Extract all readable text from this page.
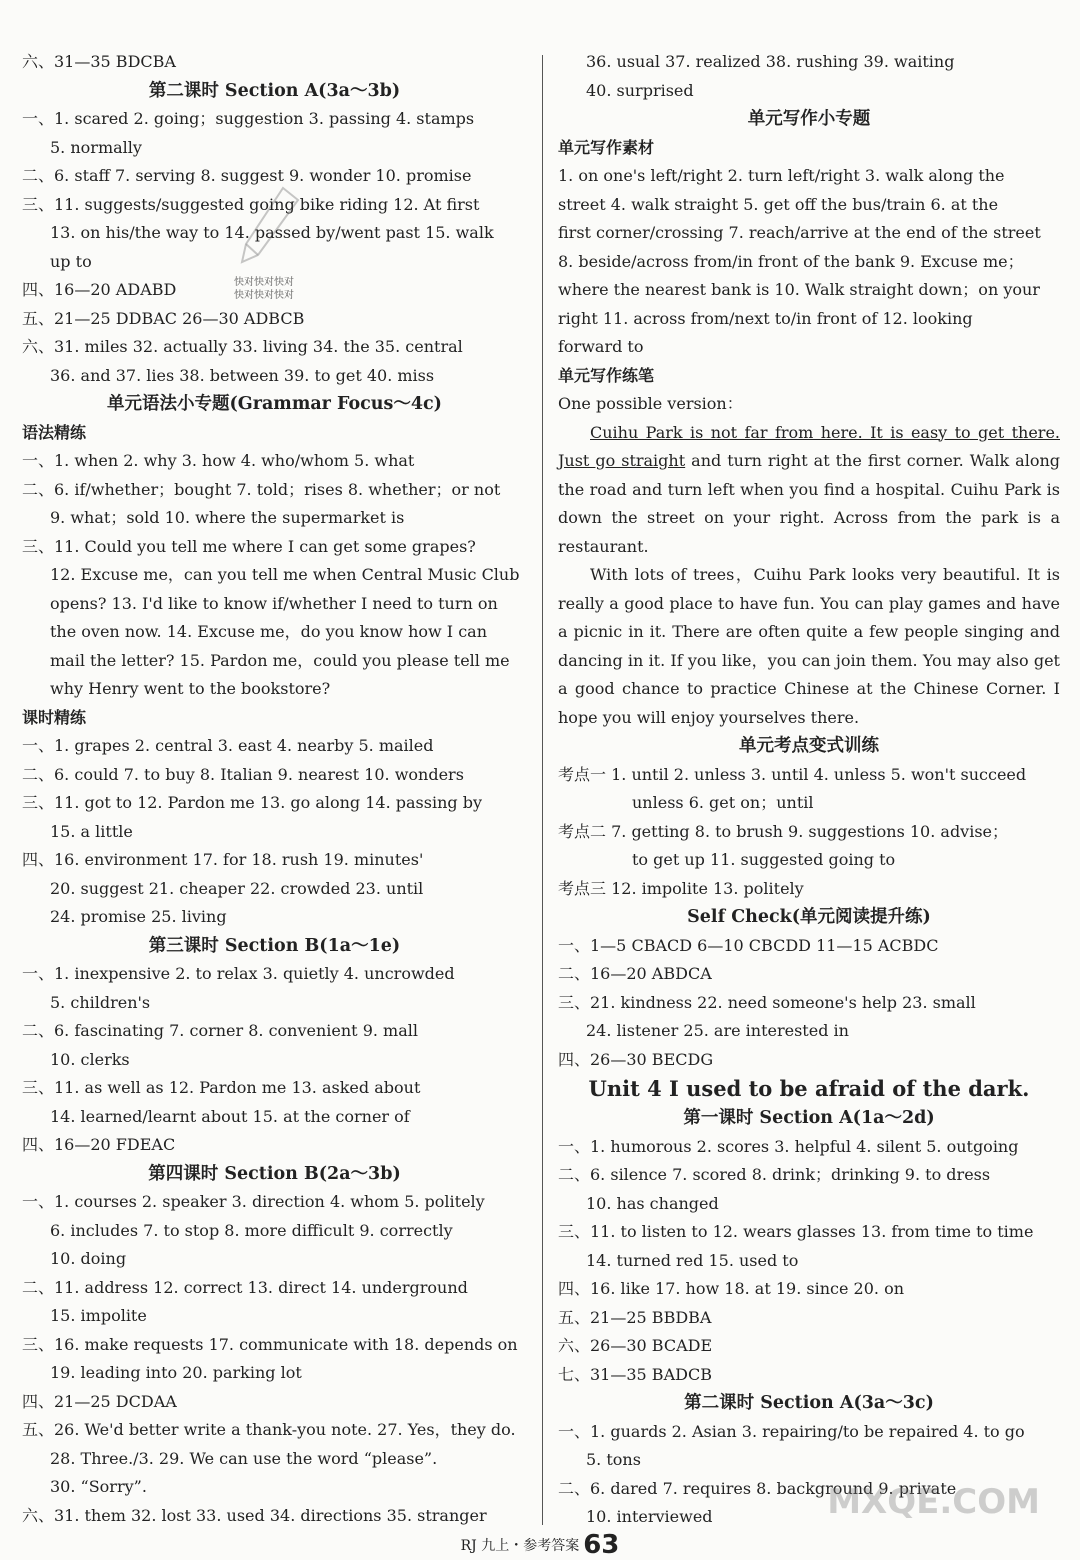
快对快对快对
快对快对快对
六、31—35 BDCBA
第二课时 Section A(3a～3b)
一、1. scared 2. going；suggestion 3. passing 4. stamps
5. normally
二、6. staff 7. serving 8. suggest 9. wonder 10. promise
三、11. suggests/suggested going bike riding 12. At first
13. on his/the way to 14. passed by/went past 15. walk
up to
四、16—20 ADABD
五、21—25 DDBAC 26—30 ADBCB
六、31. miles 32. actually 33. living 34. the 35. central
36. and 37. lies 38. between 39. to get 40. miss
单元语法小专题(Grammar Focus～4c)
语法精练
一、1. when 2. why 3. how 4. who/whom 5. what
二、6. if/whether；bought 7. told；rises 8. whether；or not
9. what；sold 10. where the supermarket is
三、11. Could you tell me where I can get some grapes?
12. Excuse me，can you tell me when Central Music Club
opens? 13. I'd like to know if/whether I need to turn on
the oven now. 14. Excuse me，do you know how I can
mail the letter? 15. Pardon me，could you please tell me
why Henry went to the bookstore?
课时精练
一、1. grapes 2. central 3. east 4. nearby 5. mailed
二、6. could 7. to buy 8. Italian 9. nearest 10. wonders
三、11. got to 12. Pardon me 13. go along 14. passing by
15. a little
四、16. environment 17. for 18. rush 19. minutes'
20. suggest 21. cheaper 22. crowded 23. until
24. promise 25. living
第三课时 Section B(1a～1e)
一、1. inexpensive 2. to relax 3. quietly 4. uncrowded
5. children's
二、6. fascinating 7. corner 8. convenient 9. mall
10. clerks
三、11. as well as 12. Pardon me 13. asked about
14. learned/learnt about 15. at the corner of
四、16—20 FDEAC
第四课时 Section B(2a～3b)
一、1. courses 2. speaker 3. direction 4. whom 5. politely
6. includes 7. to stop 8. more difficult 9. correctly
10. doing
二、11. address 12. correct 13. direct 14. underground
15. impolite
三、16. make requests 17. communicate with 18. depends on
19. leading into 20. parking lot
四、21—25 DCDAA
五、26. We'd better write a thank-you note. 27. Yes，they do.
28. Three./3. 29. We can use the word “please”.
30. “Sorry”.
六、31. them 32. lost 33. used 34. directions 35. stranger
36. usual 37. realized 38. rushing 39. waiting
40. surprised
单元写作小专题
单元写作素材
1. on one's left/right 2. turn left/right 3. walk along the
street 4. walk straight 5. get off the bus/train 6. at the
first corner/crossing 7. reach/arrive at the end of the street
8. beside/across from/in front of the bank 9. Excuse me；
where the nearest bank is 10. Walk straight down；on your
right 11. across from/next to/in front of 12. looking
forward to
单元写作练笔
One possible version：
Cuihu Park is not far from here. It is easy to get there. Just go straight and turn right at the first corner. Walk along the road and turn left when you find a hospital. Cuihu Park is down the street on your right. Across from the park is a restaurant.
With lots of trees，Cuihu Park looks very beautiful. It is really a good place to have fun. You can play games and have a picnic in it. There are often quite a few people singing and dancing in it. If you like，you can join them. You may also get a good chance to practice Chinese at the Chinese Corner. I hope you will enjoy yourselves there.
单元考点变式训练
考点一 1. until 2. unless 3. until 4. unless 5. won't succeed
unless 6. get on；until
考点二 7. getting 8. to brush 9. suggestions 10. advise；
to get up 11. suggested going to
考点三 12. impolite 13. politely
Self Check(单元阅读提升练)
一、1—5 CBACD 6—10 CBCDD 11—15 ACBDC
二、16—20 ABDCA
三、21. kindness 22. need someone's help 23. small
24. listener 25. are interested in
四、26—30 BECDG
Unit 4 I used to be afraid of the dark.
第一课时 Section A(1a～2d)
一、1. humorous 2. scores 3. helpful 4. silent 5. outgoing
二、6. silence 7. scored 8. drink；drinking 9. to dress
10. has changed
三、11. to listen to 12. wears glasses 13. from time to time
14. turned red 15. used to
四、16. like 17. how 18. at 19. since 20. on
五、21—25 BBDBA
六、26—30 BCADE
七、31—35 BADCB
第二课时 Section A(3a～3c)
一、1. guards 2. Asian 3. repairing/to be repaired 4. to go
5. tons
二、6. dared 7. requires 8. background 9. private
10. interviewed
RJ 九上・参考答案 63
MXQE.COM
